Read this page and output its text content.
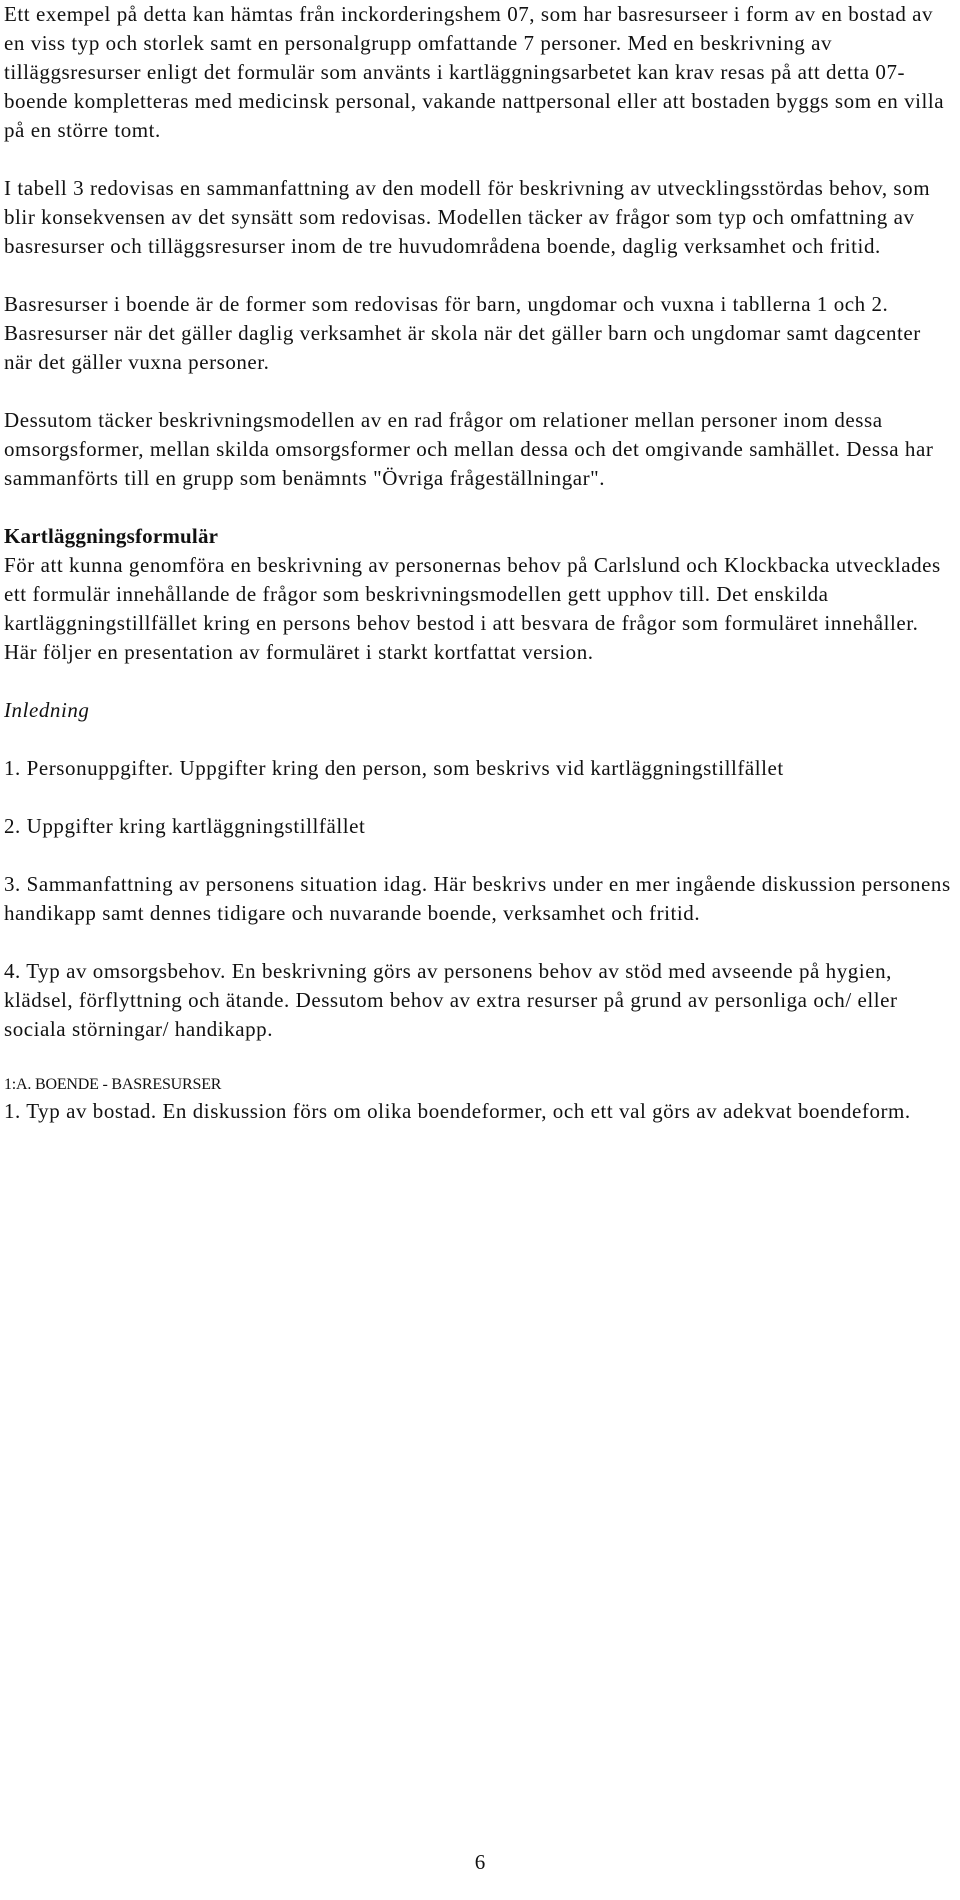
Ett exempel på detta kan hämtas från inckorderingshem 07, som har basresurseer i form av en bostad av en viss typ och storlek samt en personalgrupp omfattande 7 personer. Med en beskrivning av tilläggsresurser enligt det formulär som använts i kartläggningsarbetet kan krav resas på att detta 07-boende kompletteras med medicinsk personal, vakande nattpersonal eller att bostaden byggs som en villa på en större tomt.

I tabell 3 redovisas en sammanfattning av den modell för beskrivning av utvecklingsstördas behov, som blir konsekvensen av det synsätt som redovisas. Modellen täcker av frågor som typ och omfattning av basresurser och tilläggsresurser inom de tre huvudområdena boende, daglig verksamhet och fritid.

Basresurser i boende är de former som redovisas för barn, ungdomar och vuxna i tabllerna 1 och 2. Basresurser när det gäller daglig verksamhet är skola när det gäller barn och ungdomar samt dagcenter när det gäller vuxna personer.

Dessutom täcker beskrivningsmodellen av en rad frågor om relationer mellan personer inom dessa omsorgsformer, mellan skilda omsorgsformer och mellan dessa och det omgivande samhället. Dessa har sammanförts till en grupp som benämnts "Övriga frågeställningar".

Kartläggningsformulär

För att kunna genomföra en beskrivning av personernas behov på Carlslund och Klockbacka utvecklades ett formulär innehållande de frågor som beskrivningsmodellen gett upphov till. Det enskilda kartläggningstillfället kring en persons behov bestod i att besvara de frågor som formuläret innehåller. Här följer en presentation av formuläret i starkt kortfattat version.

Inledning

1. Personuppgifter. Uppgifter kring den person, som beskrivs vid kartläggningstillfället

2. Uppgifter kring kartläggningstillfället

3. Sammanfattning av personens situation idag. Här beskrivs under en mer ingående diskussion personens handikapp samt dennes tidigare och nuvarande boende, verksamhet och fritid.

4. Typ av omsorgsbehov. En beskrivning görs av personens behov av stöd med avseende på hygien, klädsel, förflyttning och ätande. Dessutom behov av extra resurser på grund av personliga och/ eller sociala störningar/ handikapp.

1:A. BOENDE - BASRESURSER

1. Typ av bostad. En diskussion förs om olika boendeformer, och ett val görs av adekvat boendeform.

6
